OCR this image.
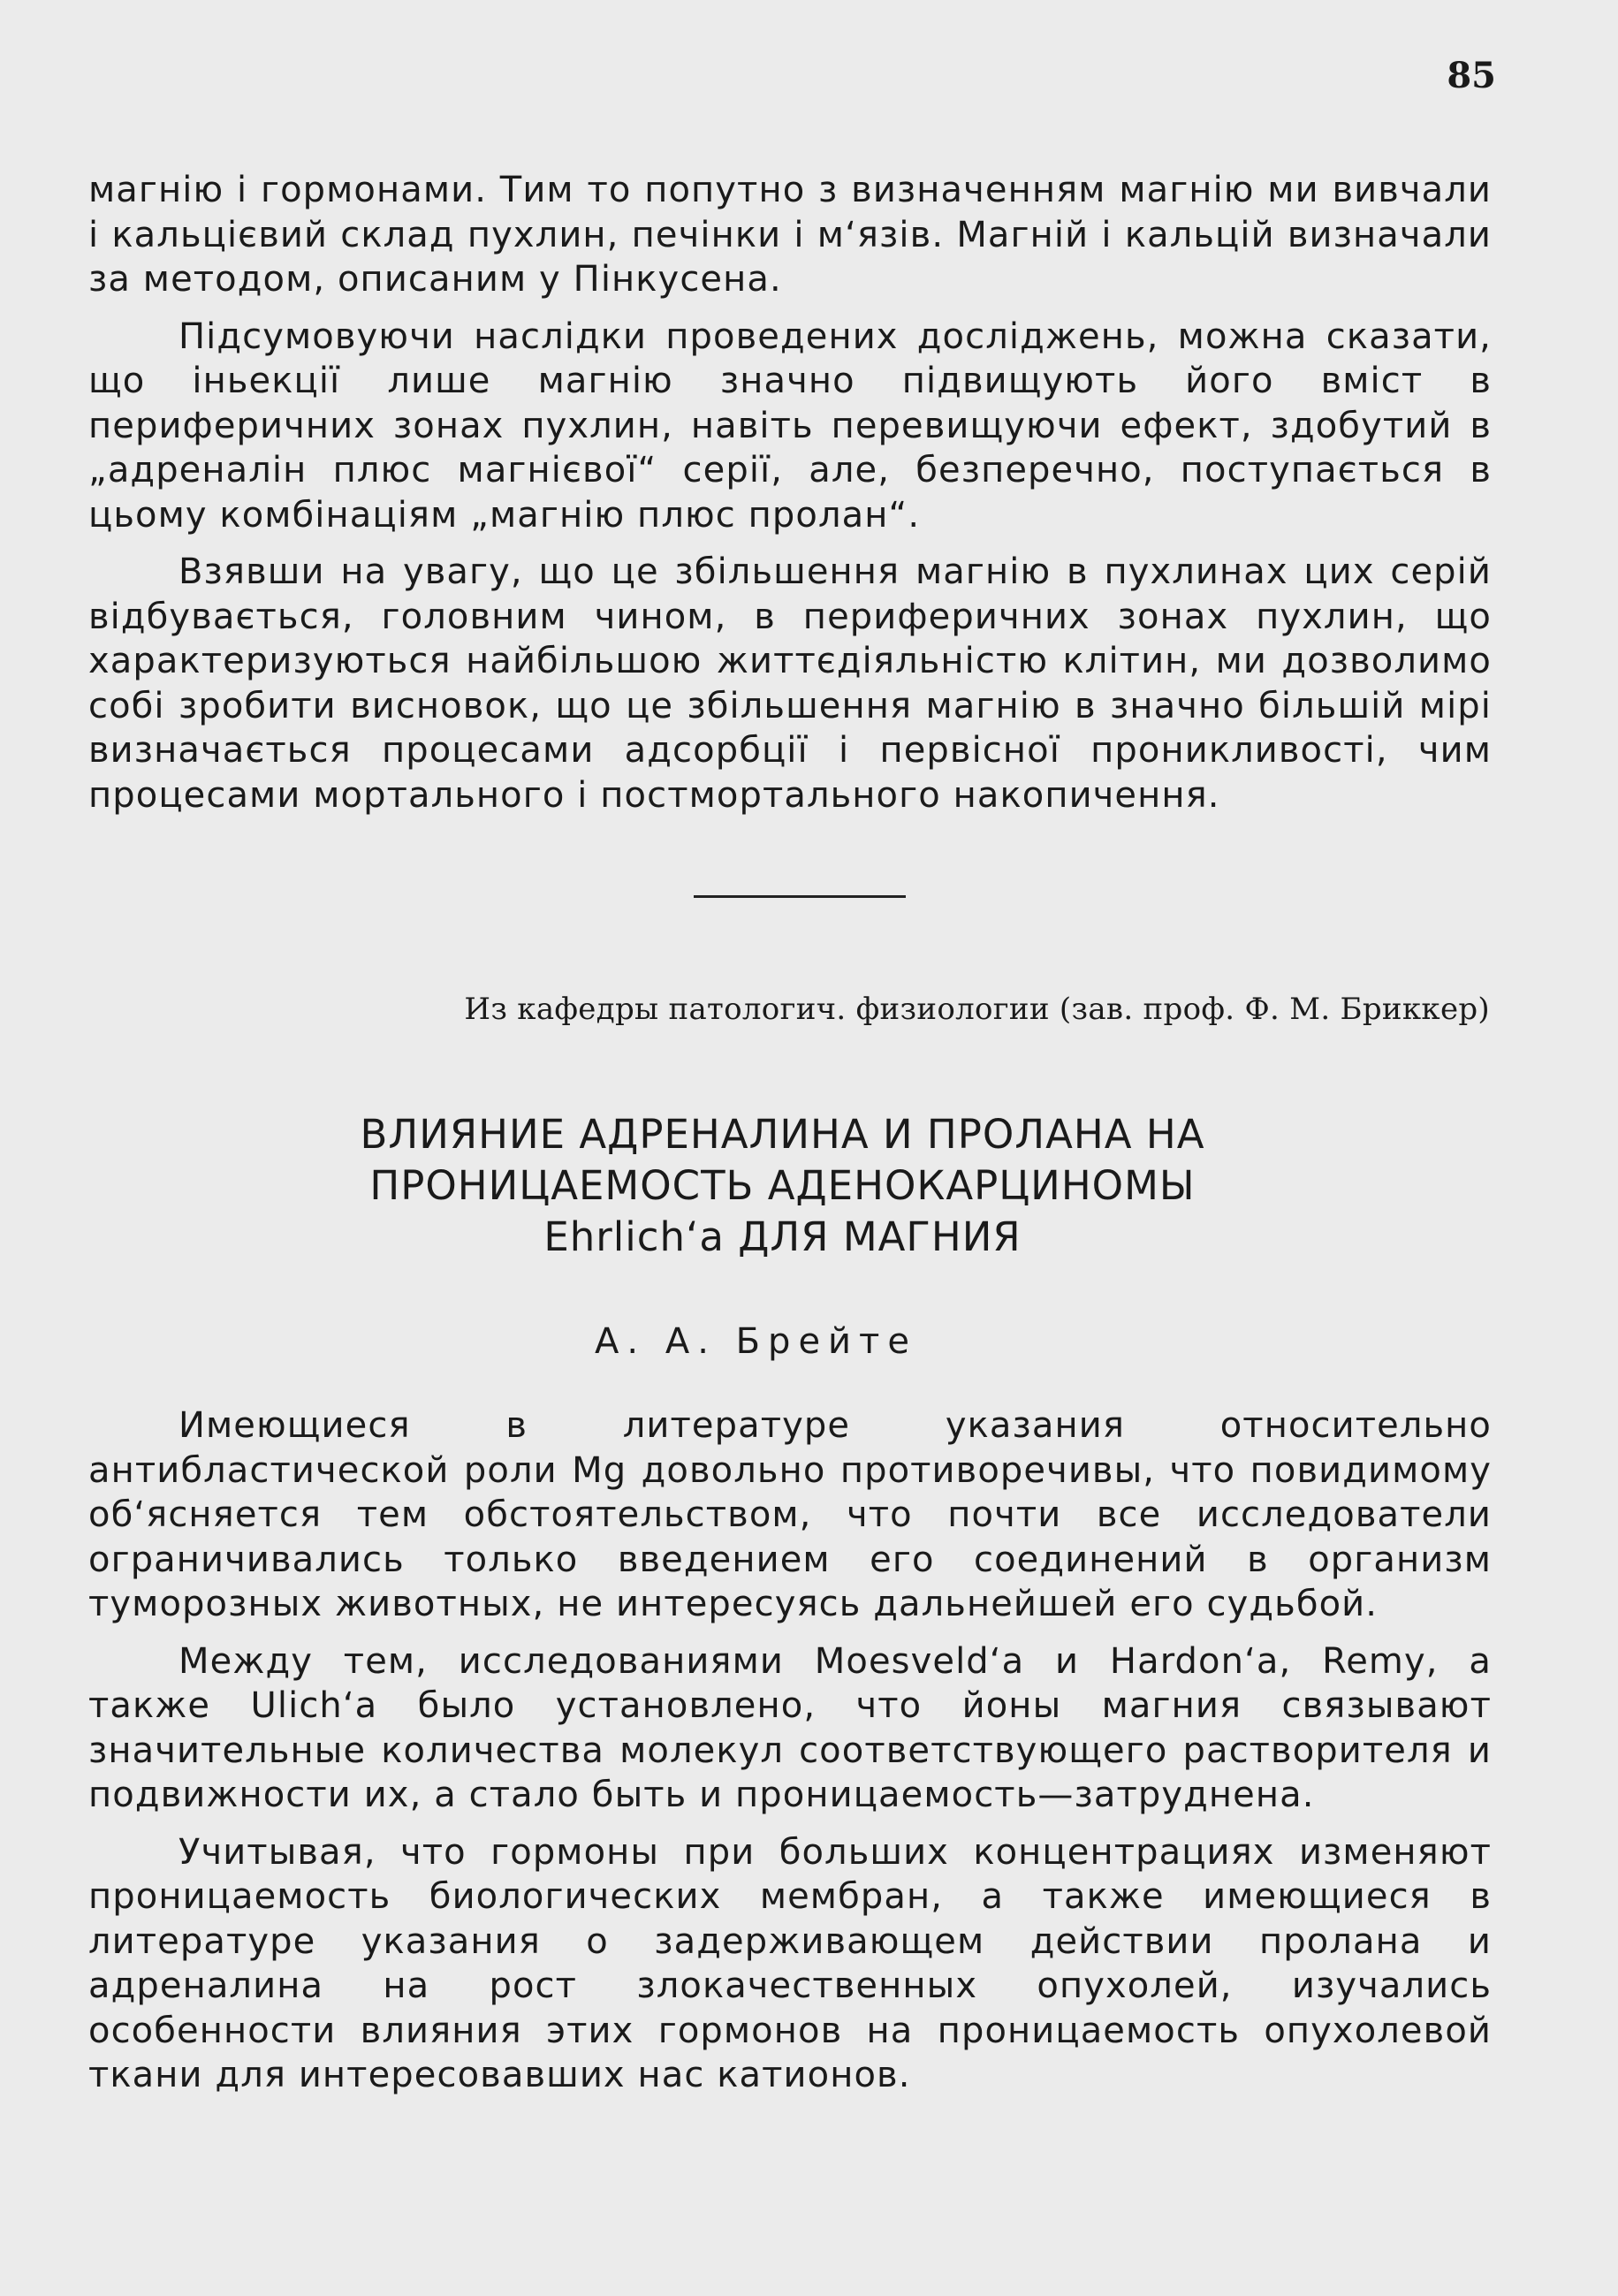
85

магнію і гормонами. Тим то попутно з визначенням магнію ми вивчали і кальцієвий склад пухлин, печінки і м‘язів. Магній і кальцій визначали за методом, описаним у Пінкусена.

Підсумовуючи наслідки проведених досліджень, можна сказати, що іньекції лише магнію значно підвищують його вміст в периферичних зонах пухлин, навіть перевищуючи ефект, здобутий в „адреналін плюс магнієвої“ серії, але, безперечно, поступається в цьому комбінаціям „магнію плюс пролан“.

Взявши на увагу, що це збільшення магнію в пухлинах цих серій відбувається, головним чином, в периферичних зонах пухлин, що характеризуються найбільшою життєдіяльністю клітин, ми дозволимо собі зробити висновок, що це збільшення магнію в значно більшій мірі визначається процесами адсорбції і первісної проникливості, чим процесами мортального і постмортального накопичення.

Из кафедры патологич. физиологии (зав. проф. Ф. М. Бриккер)
ВЛИЯНИЕ АДРЕНАЛИНА И ПРОЛАНА НА
ПРОНИЦАЕМОСТЬ АДЕНОКАРЦИНОМЫ
Ehrlich‘a ДЛЯ МАГНИЯ
А. А. Брейте

Имеющиеся в литературе указания относительно антибластической роли Mg довольно противоречивы, что повидимому об‘ясняется тем обстоятельством, что почти все исследователи ограничивались только введением его соединений в организм туморозных животных, не интересуясь дальнейшей его судьбой.

Между тем, исследованиями Moesveld‘a и Hardon‘a, Remy, а также Ulich‘a было установлено, что йоны магния связывают значительные количества молекул соответствующего растворителя и подвижности их, а стало быть и проницаемость—затруднена.

Учитывая, что гормоны при больших концентрациях изменяют проницаемость биологических мембран, а также имеющиеся в литературе указания о задерживающем действии пролана и адреналина на рост злокачественных опухолей, изучались особенности влияния этих гормонов на проницаемость опухолевой ткани для интересовавших нас катионов.
